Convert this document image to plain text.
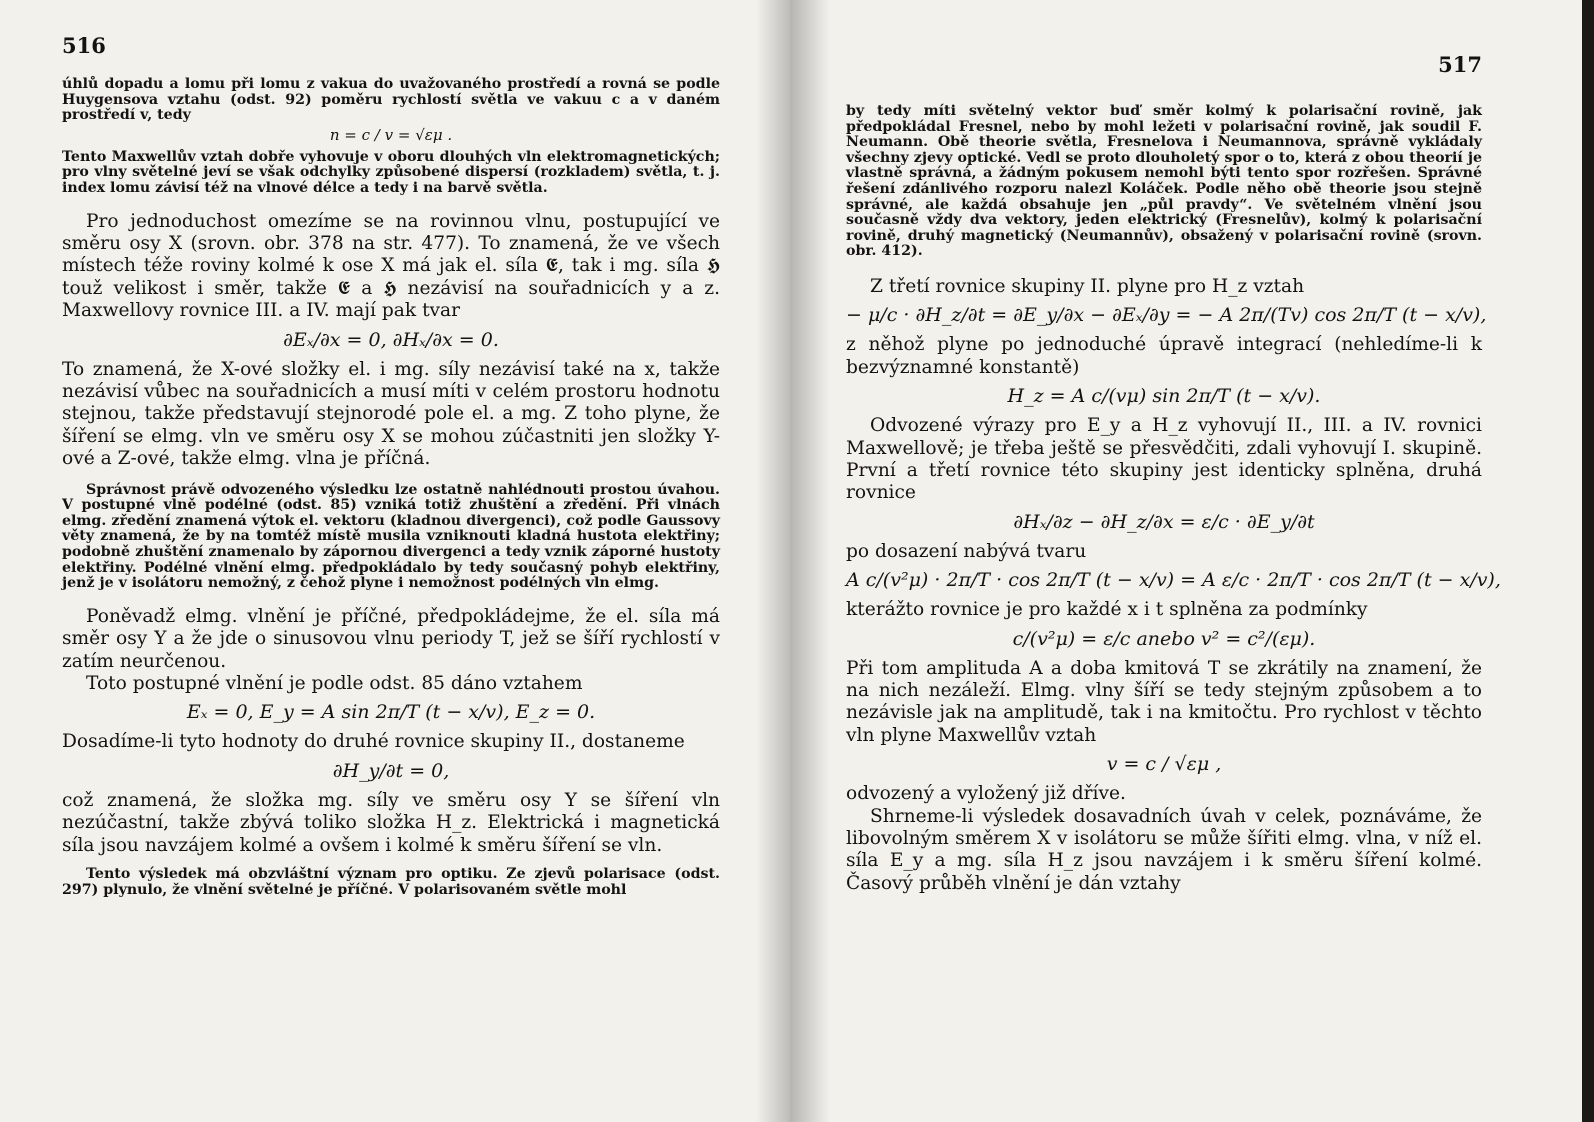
516

úhlů dopadu a lomu při lomu z vakua do uvažovaného prostředí a rovná se podle Huygensova vztahu (odst. 92) poměru rychlostí světla ve vakuu c a v daném prostředí v, tedy

n = c / v = √εμ .

Tento Maxwellův vztah dobře vyhovuje v oboru dlouhých vln elektromagnetických; pro vlny světelné jeví se však odchylky způsobené dispersí (rozkladem) světla, t. j. index lomu závisí též na vlnové délce a tedy i na barvě světla.

Pro jednoduchost omezíme se na rovinnou vlnu, postupující ve směru osy X (srovn. obr. 378 na str. 477). To znamená, že ve všech místech téže roviny kolmé k ose X má jak el. síla 𝕰, tak i mg. síla 𝕳 touž velikost i směr, takže 𝕰 a 𝕳 nezávisí na souřadnicích y a z. Maxwellovy rovnice III. a IV. mají pak tvar

∂Eₓ/∂x = 0, ∂Hₓ/∂x = 0.

To znamená, že X-ové složky el. i mg. síly nezávisí také na x, takže nezávisí vůbec na souřadnicích a musí míti v celém prostoru hodnotu stejnou, takže představují stejnorodé pole el. a mg. Z toho plyne, že šíření se elmg. vln ve směru osy X se mohou zúčastniti jen složky Y-ové a Z-ové, takže elmg. vlna je příčná.

Správnost právě odvozeného výsledku lze ostatně nahlédnouti prostou úvahou. V postupné vlně podélné (odst. 85) vzniká totiž zhuštění a zředění. Při vlnách elmg. zředění znamená výtok el. vektoru (kladnou divergenci), což podle Gaussovy věty znamená, že by na tomtéž místě musila vzniknouti kladná hustota elektřiny; podobně zhuštění znamenalo by zápornou divergenci a tedy vznik záporné hustoty elektřiny. Podélné vlnění elmg. předpokládalo by tedy současný pohyb elektřiny, jenž je v isolátoru nemožný, z čehož plyne i nemožnost podélných vln elmg.

Poněvadž elmg. vlnění je příčné, předpokládejme, že el. síla má směr osy Y a že jde o sinusovou vlnu periody T, jež se šíří rychlostí v zatím neurčenou.

Toto postupné vlnění je podle odst. 85 dáno vztahem

Eₓ = 0, E_y = A sin 2π/T (t − x/v), E_z = 0.

Dosadíme-li tyto hodnoty do druhé rovnice skupiny II., dostaneme

∂H_y/∂t = 0,

což znamená, že složka mg. síly ve směru osy Y se šíření vln nezúčastní, takže zbývá toliko složka H_z. Elektrická i magnetická síla jsou navzájem kolmé a ovšem i kolmé k směru šíření se vln.

Tento výsledek má obzvláštní význam pro optiku. Ze zjevů polarisace (odst. 297) plynulo, že vlnění světelné je příčné. V polarisovaném světle mohl

517

by tedy míti světelný vektor buď směr kolmý k polarisační rovině, jak předpokládal Fresnel, nebo by mohl ležeti v polarisační rovině, jak soudil F. Neumann. Obě theorie světla, Fresnelova i Neumannova, správně vykládaly všechny zjevy optické. Vedl se proto dlouholetý spor o to, která z obou theorií je vlastně správná, a žádným pokusem nemohl býti tento spor rozřešen. Správné řešení zdánlivého rozporu nalezl Koláček. Podle něho obě theorie jsou stejně správné, ale každá obsahuje jen „půl pravdy“. Ve světelném vlnění jsou současně vždy dva vektory, jeden elektrický (Fresnelův), kolmý k polarisační rovině, druhý magnetický (Neumannův), obsažený v polarisační rovině (srovn. obr. 412).

Z třetí rovnice skupiny II. plyne pro H_z vztah

− μ/c · ∂H_z/∂t = ∂E_y/∂x − ∂Eₓ/∂y = − A 2π/(Tv) cos 2π/T (t − x/v),

z něhož plyne po jednoduché úpravě integrací (nehledíme-li k bezvýznamné konstantě)

H_z = A c/(vμ) sin 2π/T (t − x/v).

Odvozené výrazy pro E_y a H_z vyhovují II., III. a IV. rovnici Maxwellově; je třeba ještě se přesvědčiti, zdali vyhovují I. skupině. První a třetí rovnice této skupiny jest identicky splněna, druhá rovnice

∂Hₓ/∂z − ∂H_z/∂x = ε/c · ∂E_y/∂t

po dosazení nabývá tvaru

A c/(v²μ) · 2π/T · cos 2π/T (t − x/v) = A ε/c · 2π/T · cos 2π/T (t − x/v),

kterážto rovnice je pro každé x i t splněna za podmínky

c/(v²μ) = ε/c anebo v² = c²/(εμ).

Při tom amplituda A a doba kmitová T se zkrátily na znamení, že na nich nezáleží. Elmg. vlny šíří se tedy stejným způsobem a to nezávisle jak na amplitudě, tak i na kmitočtu. Pro rychlost v těchto vln plyne Maxwellův vztah

v = c / √εμ ,

odvozený a vyložený již dříve.

Shrneme-li výsledek dosavadních úvah v celek, poznáváme, že libovolným směrem X v isolátoru se může šířiti elmg. vlna, v níž el. síla E_y a mg. síla H_z jsou navzájem i k směru šíření kolmé. Časový průběh vlnění je dán vztahy
